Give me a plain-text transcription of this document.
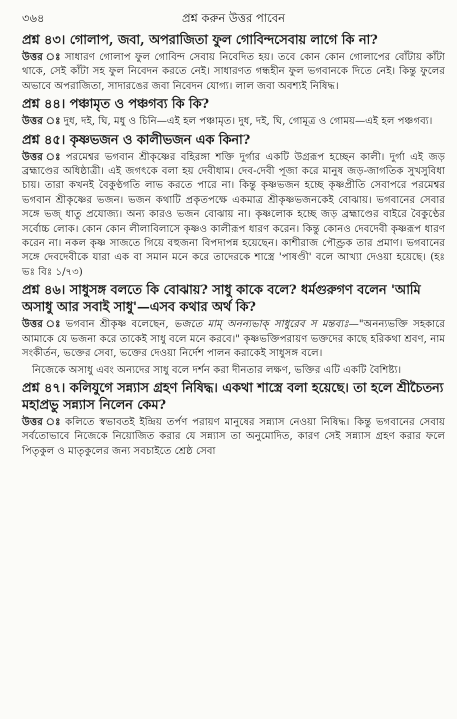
৩৬৪	প্রশ্ন করুন উত্তর পাবেন

প্রশ্ন ৪৩। গোলাপ, জবা, অপরাজিতা ফুল গোবিন্দসেবায় লাগে কি না?

উত্তর ঃ সাধারণ গোলাপ ফুল গোবিন্দ সেবায় নিবেদিত হয়। তবে কোন কোন গোলাপের বোঁটায় কাঁটা থাকে, সেই কাঁটা সহ ফুল নিবেদন করতে নেই। সাধারণত গন্ধহীন ফুল ভগবানকে দিতে নেই। কিন্তু ফুলের অভাবে অপরাজিতা, সাদারঙের জবা নিবেদন যোগ্য। লাল জবা অবশ্যই নিষিদ্ধ।

প্রশ্ন ৪৪। পঞ্চামৃত ও পঞ্চগব্য কি কি?

উত্তর ঃ দুধ, দই, ঘি, মধু ও চিনি—এই হল পঞ্চামৃত। দুধ, দই, ঘি, গোমূত্র ও গোময়—এই হল পঞ্চগব্য।

প্রশ্ন ৪৫। কৃষ্ণভজন ও কালীভজন এক কিনা?

উত্তর ঃ পরমেশ্বর ভগবান শ্রীকৃষ্ণের বহিরঙ্গা শক্তি দুর্গার একটি উগ্ররূপ হচ্ছেন কালী। দুর্গা এই জড় ব্রহ্মাণ্ডের অধিষ্ঠাত্রী। এই জগৎকে বলা হয় দেবীধাম। দেব-দেবী পূজা করে মানুষ জড়-জাগতিক সুখসুবিধা চায়। তারা কখনই বৈকুণ্ঠগতি লাভ করতে পারে না। কিন্তু কৃষ্ণভজন হচ্ছে কৃষ্ণপ্রীতি সেবাপরে পরমেশ্বর ভগবান শ্রীকৃষ্ণের ভজন। ভজন কথাটি প্রকৃতপক্ষে একমাত্র শ্রীকৃষ্ণভজনকেই বোঝায়। ভগবানের সেবার সঙ্গে ভজ্ ধাতু প্রযোজ্য। অন্য কারও ভজন বোঝায় না। কৃষ্ণলোক হচ্ছে জড় ব্রহ্মাণ্ডের বাইরে বৈকুণ্ঠের সর্বোচ্চ লোক। কোন কোন লীলাবিলাসে কৃষ্ণও কালীরূপ ধারণ করেন। কিন্তু কোনও দেবদেবী কৃষ্ণরূপ ধারণ করেন না। নকল কৃষ্ণ সাজতে গিয়ে বহুজনা বিপদাপন্ন হয়েছেন। কাশীরাজ পৌণ্ড্রক তার প্রমাণ। ভগবানের সঙ্গে দেবদেবীকে যারা এক বা সমান মনে করে তাদেরকে শাস্ত্রে 'পাষণ্ডী' বলে আখ্যা দেওয়া হয়েছে। (হঃ ভঃ বিঃ ১/৭৩)

প্রশ্ন ৪৬। সাধুসঙ্গ বলতে কি বোঝায়? সাধু কাকে বলে? ধর্মগুরুগণ বলেন 'আমি অসাধু আর সবাই সাধু'—এসব কথার অর্থ কি?

উত্তর ঃ ভগবান শ্রীকৃষ্ণ বলেছেন, ভজতে মাম্ অনন্যভাক্ সাধুরেব স মন্তব্যঃ—"অনন্যভক্তি সহকারে আমাকে যে ভজনা করে তাকেই সাধু বলে মনে করবে।" কৃষ্ণভক্তিপরায়ণ ভক্তদের কাছে হরিকথা শ্রবণ, নাম সংকীর্তন, ভক্তের সেবা, ভক্তের দেওয়া নির্দেশ পালন করাকেই সাধুসঙ্গ বলে।

নিজেকে অসাধু এবং অন্যদের সাধু বলে দর্শন করা দীনতার লক্ষণ, ভক্তির এটি একটি বৈশিষ্ট্য।

প্রশ্ন ৪৭। কলিযুগে সন্ন্যাস গ্রহণ নিষিদ্ধ। একথা শাস্ত্রে বলা হয়েছে। তা হলে শ্রীচৈতন্য মহাপ্রভু সন্ন্যাস নিলেন কেম?

উত্তর ঃ কলিতে স্বভাবতই ইন্দ্রিয় তর্পণ পরায়ণ মানুষের সন্ন্যাস নেওয়া নিষিদ্ধ। কিন্তু ভগবানের সেবায় সর্বতোভাবে নিজেকে নিয়োজিত করার যে সন্ন্যাস তা অনুমোদিত, কারণ সেই সন্ন্যাস গ্রহণ করার ফলে পিতৃকুল ও মাতৃকুলের জন্য সবচাইতে শ্রেষ্ঠ সেবা
